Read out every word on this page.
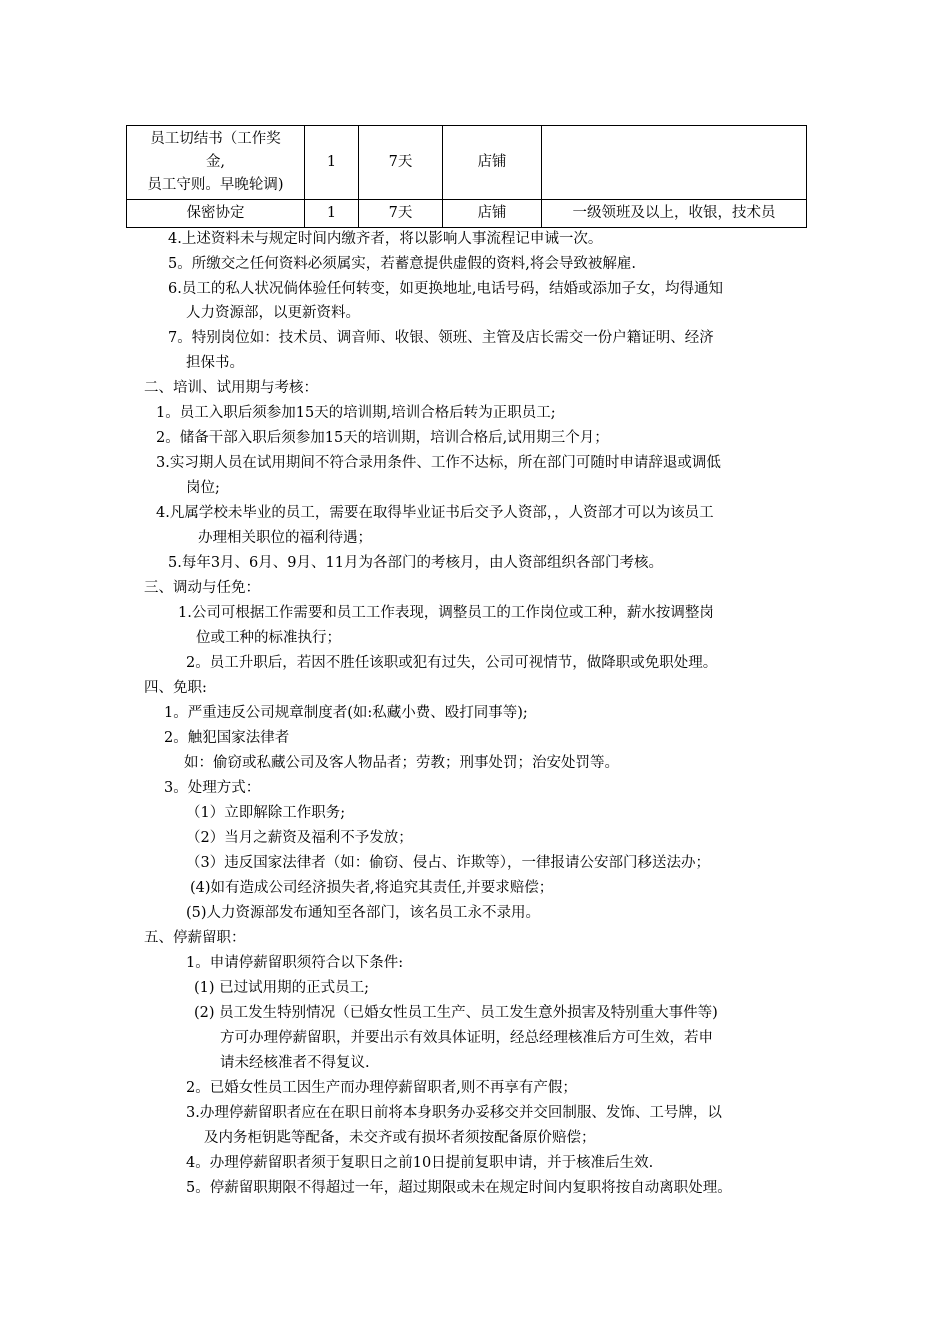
员工切结书（工作奖
金,
员工守则。早晚轮调)	1	7天	店铺	
保密协定	1	7天	店铺	一级领班及以上，收银，技术员
4.上述资料未与规定时间内缴齐者，将以影响人事流程记申诫一次。
5。所缴交之任何资料必须属实，若蓄意提供虚假的资料,将会导致被解雇.
6.员工的私人状况倘体验任何转变，如更换地址,电话号码，结婚或添加子女，均得通知
人力资源部，以更新资料。
7。特别岗位如：技术员、调音师、收银、领班、主管及店长需交一份户籍证明、经济
担保书。
二、培训、试用期与考核：
1。员工入职后须参加15天的培训期,培训合格后转为正职员工;
2。储备干部入职后须参加15天的培训期，培训合格后,试用期三个月；
3.实习期人员在试用期间不符合录用条件、工作不达标，所在部门可随时申请辞退或调低
岗位;
4.凡属学校未毕业的员工，需要在取得毕业证书后交予人资部，，人资部才可以为该员工
办理相关职位的福利待遇；
5.每年3月、6月、9月、11月为各部门的考核月，由人资部组织各部门考核。
三、调动与任免：
1.公司可根据工作需要和员工工作表现，调整员工的工作岗位或工种，薪水按调整岗
位或工种的标准执行；
2。员工升职后，若因不胜任该职或犯有过失，公司可视情节，做降职或免职处理。
四、免职:
1。严重违反公司规章制度者(如:私藏小费、殴打同事等);
2。触犯国家法律者
如：偷窃或私藏公司及客人物品者；劳教；刑事处罚；治安处罚等。
3。处理方式：
（1）立即解除工作职务;
（2）当月之薪资及福利不予发放；
（3）违反国家法律者（如：偷窃、侵占、诈欺等），一律报请公安部门移送法办；
(4)如有造成公司经济损失者,将追究其责任,并要求赔偿；
(5)人力资源部发布通知至各部门，该名员工永不录用。
五、停薪留职：
1。申请停薪留职须符合以下条件:
(1) 已过试用期的正式员工;
(2) 员工发生特别情况（已婚女性员工生产、员工发生意外损害及特别重大事件等)
方可办理停薪留职，并要出示有效具体证明，经总经理核准后方可生效，若申
请未经核准者不得复议.
2。已婚女性员工因生产而办理停薪留职者,则不再享有产假；
3.办理停薪留职者应在在职日前将本身职务办妥移交并交回制服、发饰、工号牌，以
及内务柜钥匙等配备，未交齐或有损坏者须按配备原价赔偿；
4。办理停薪留职者须于复职日之前10日提前复职申请，并于核准后生效.
5。停薪留职期限不得超过一年，超过期限或未在规定时间内复职将按自动离职处理。
